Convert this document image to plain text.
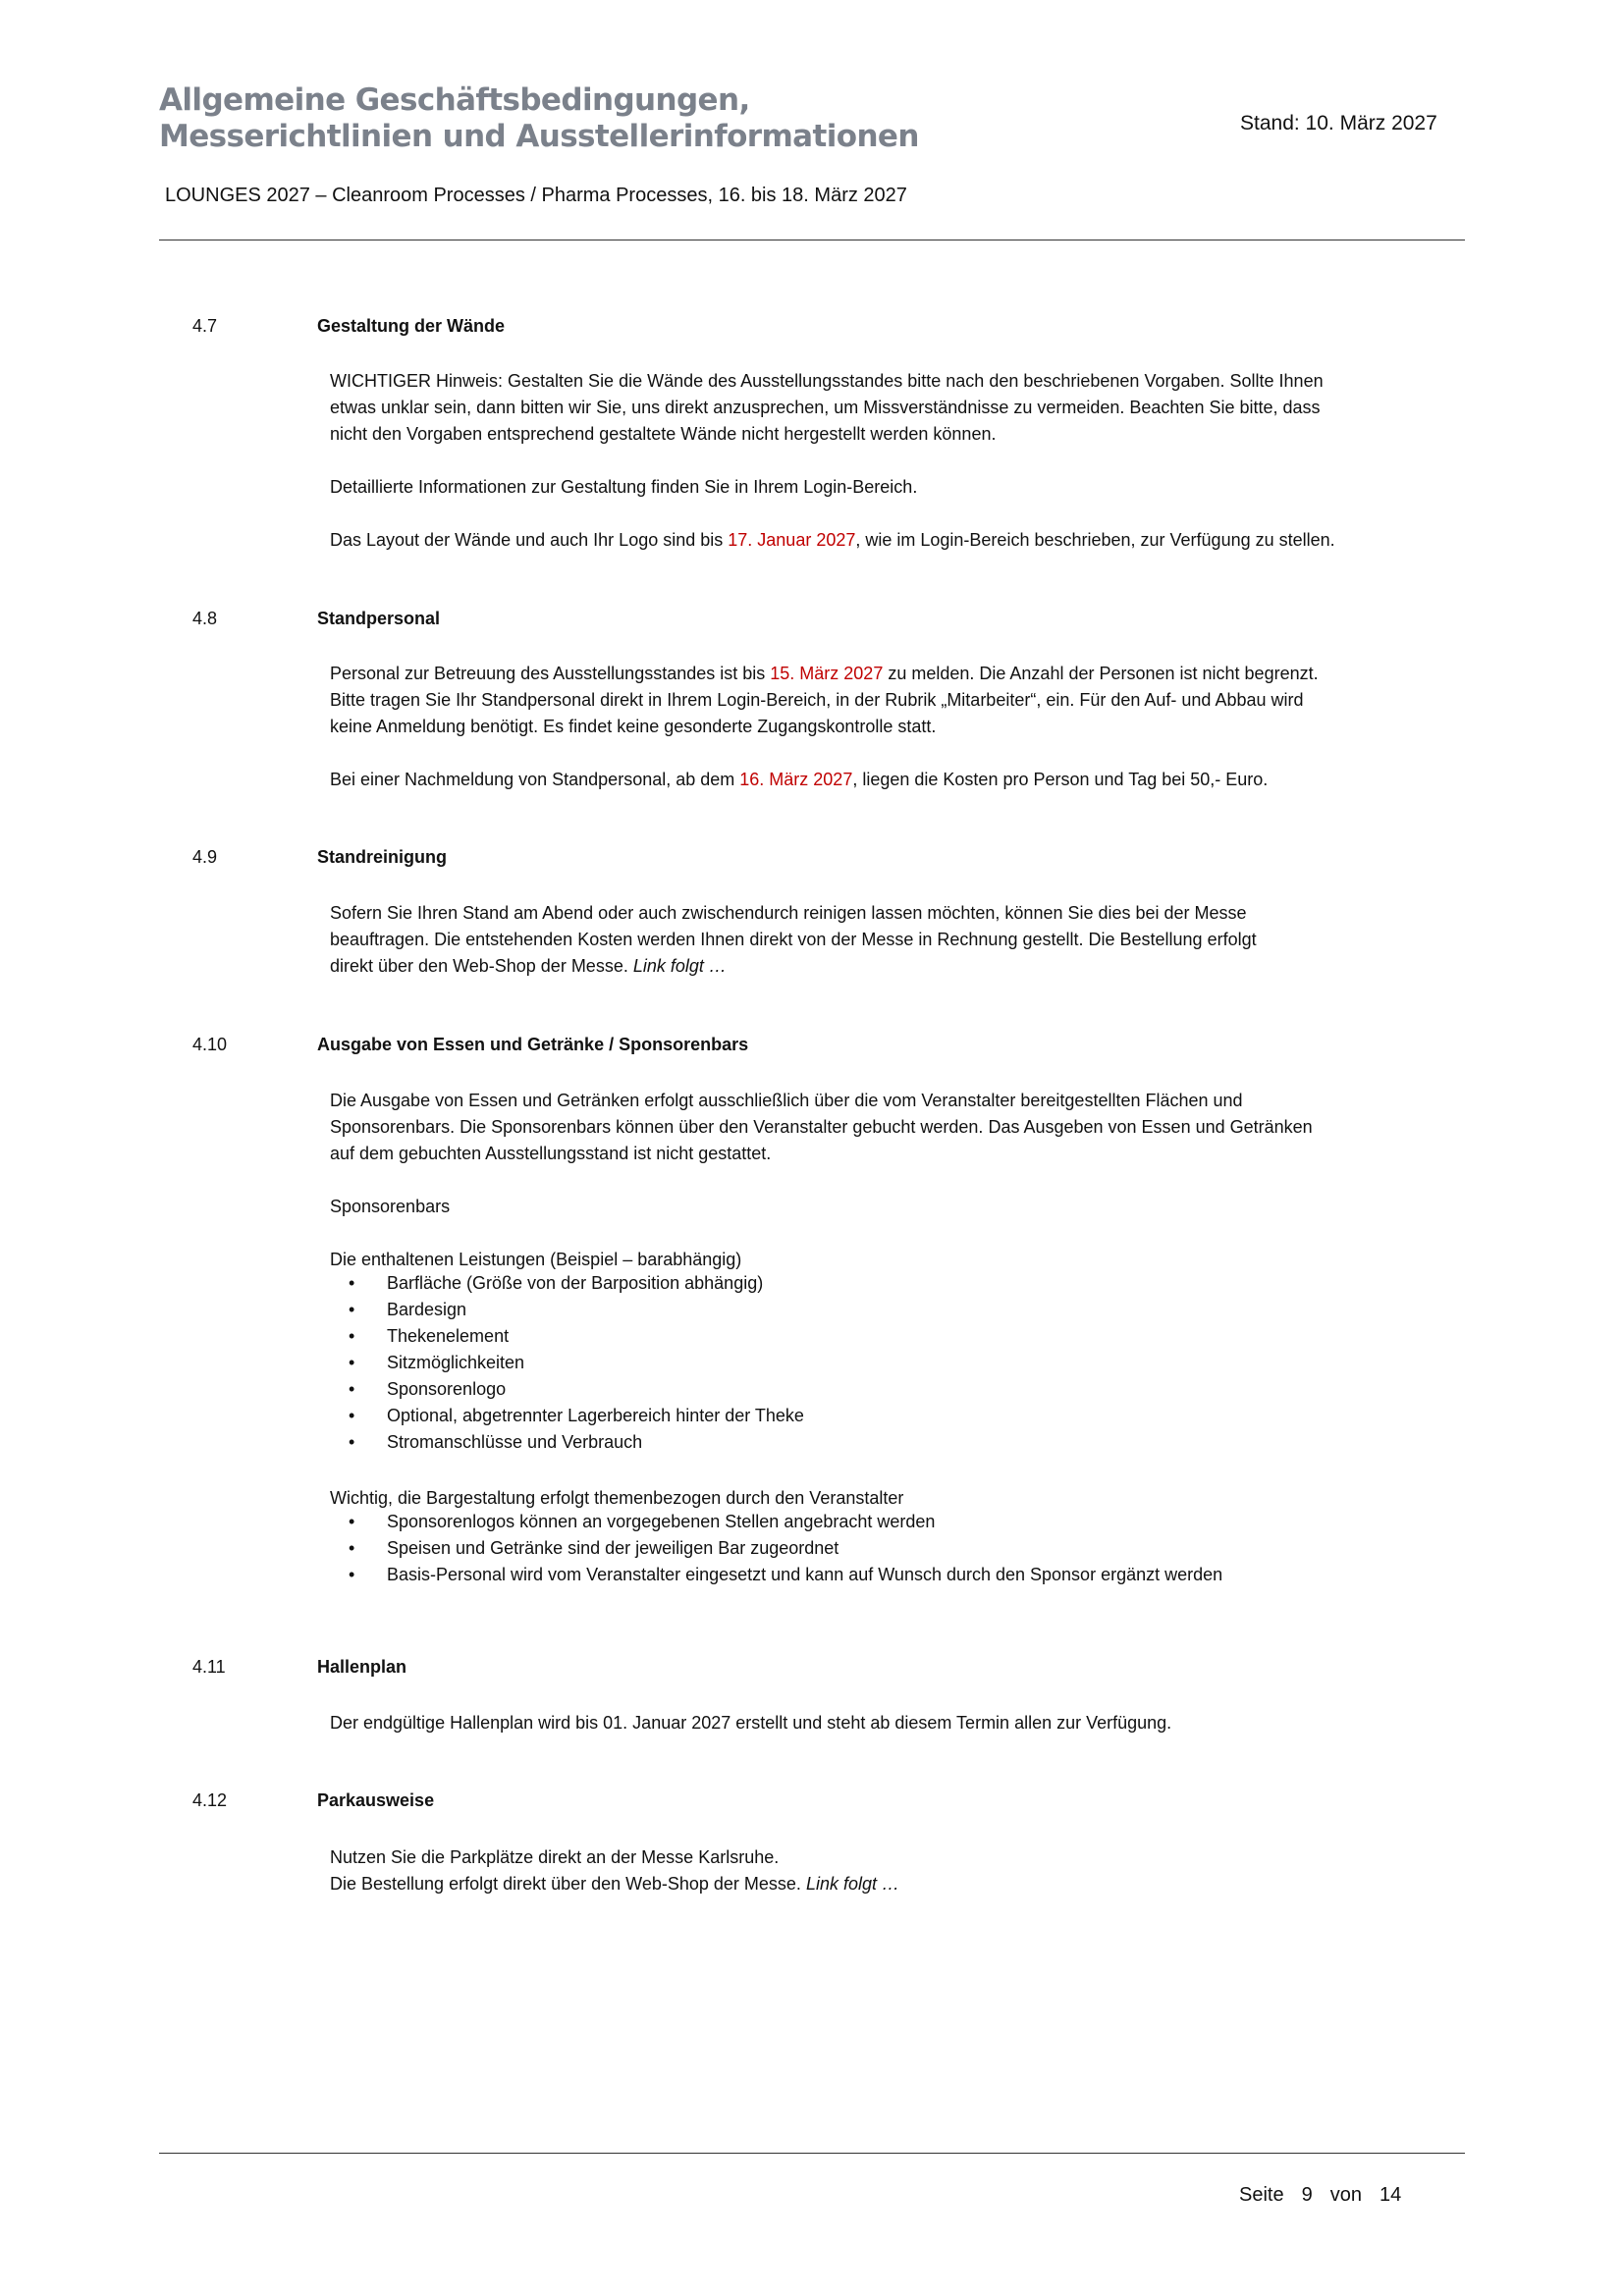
Allgemeine Geschäftsbedingungen,
Messerichtlinien und Ausstellerinformationen	Stand: 10. März 2027
LOUNGES 2027 – Cleanroom Processes / Pharma Processes, 16. bis 18. März 2027
4.7	Gestaltung der Wände
WICHTIGER Hinweis: Gestalten Sie die Wände des Ausstellungsstandes bitte nach den beschriebenen Vorgaben. Sollte Ihnen
etwas unklar sein, dann bitten wir Sie, uns direkt anzusprechen, um Missverständnisse zu vermeiden. Beachten Sie bitte, dass
nicht den Vorgaben entsprechend gestaltete Wände nicht hergestellt werden können.
Detaillierte Informationen zur Gestaltung finden Sie in Ihrem Login-Bereich.
Das Layout der Wände und auch Ihr Logo sind bis 17. Januar 2027, wie im Login-Bereich beschrieben, zur Verfügung zu stellen.
4.8	Standpersonal
Personal zur Betreuung des Ausstellungsstandes ist bis 15. März 2027 zu melden. Die Anzahl der Personen ist nicht begrenzt.
Bitte tragen Sie Ihr Standpersonal direkt in Ihrem Login-Bereich, in der Rubrik „Mitarbeiter“, ein. Für den Auf- und Abbau wird
keine Anmeldung benötigt. Es findet keine gesonderte Zugangskontrolle statt.
Bei einer Nachmeldung von Standpersonal, ab dem 16. März 2027, liegen die Kosten pro Person und Tag bei 50,- Euro.
4.9	Standreinigung
Sofern Sie Ihren Stand am Abend oder auch zwischendurch reinigen lassen möchten, können Sie dies bei der Messe
beauftragen. Die entstehenden Kosten werden Ihnen direkt von der Messe in Rechnung gestellt. Die Bestellung erfolgt
direkt über den Web-Shop der Messe. Link folgt …
4.10	Ausgabe von Essen und Getränke / Sponsorenbars
Die Ausgabe von Essen und Getränken erfolgt ausschließlich über die vom Veranstalter bereitgestellten Flächen und
Sponsorenbars. Die Sponsorenbars können über den Veranstalter gebucht werden. Das Ausgeben von Essen und Getränken
auf dem gebuchten Ausstellungsstand ist nicht gestattet.
Sponsorenbars
Die enthaltenen Leistungen (Beispiel – barabhängig)
• Barfläche (Größe von der Barposition abhängig)
• Bardesign
• Thekenelement
• Sitzmöglichkeiten
• Sponsorenlogo
• Optional, abgetrennter Lagerbereich hinter der Theke
• Stromanschlüsse und Verbrauch
Wichtig, die Bargestaltung erfolgt themenbezogen durch den Veranstalter
• Sponsorenlogos können an vorgegebenen Stellen angebracht werden
• Speisen und Getränke sind der jeweiligen Bar zugeordnet
• Basis-Personal wird vom Veranstalter eingesetzt und kann auf Wunsch durch den Sponsor ergänzt werden
4.11	Hallenplan
Der endgültige Hallenplan wird bis 01. Januar 2027 erstellt und steht ab diesem Termin allen zur Verfügung.
4.12	Parkausweise
Nutzen Sie die Parkplätze direkt an der Messe Karlsruhe.
Die Bestellung erfolgt direkt über den Web-Shop der Messe. Link folgt …
Seite 9 von 14
